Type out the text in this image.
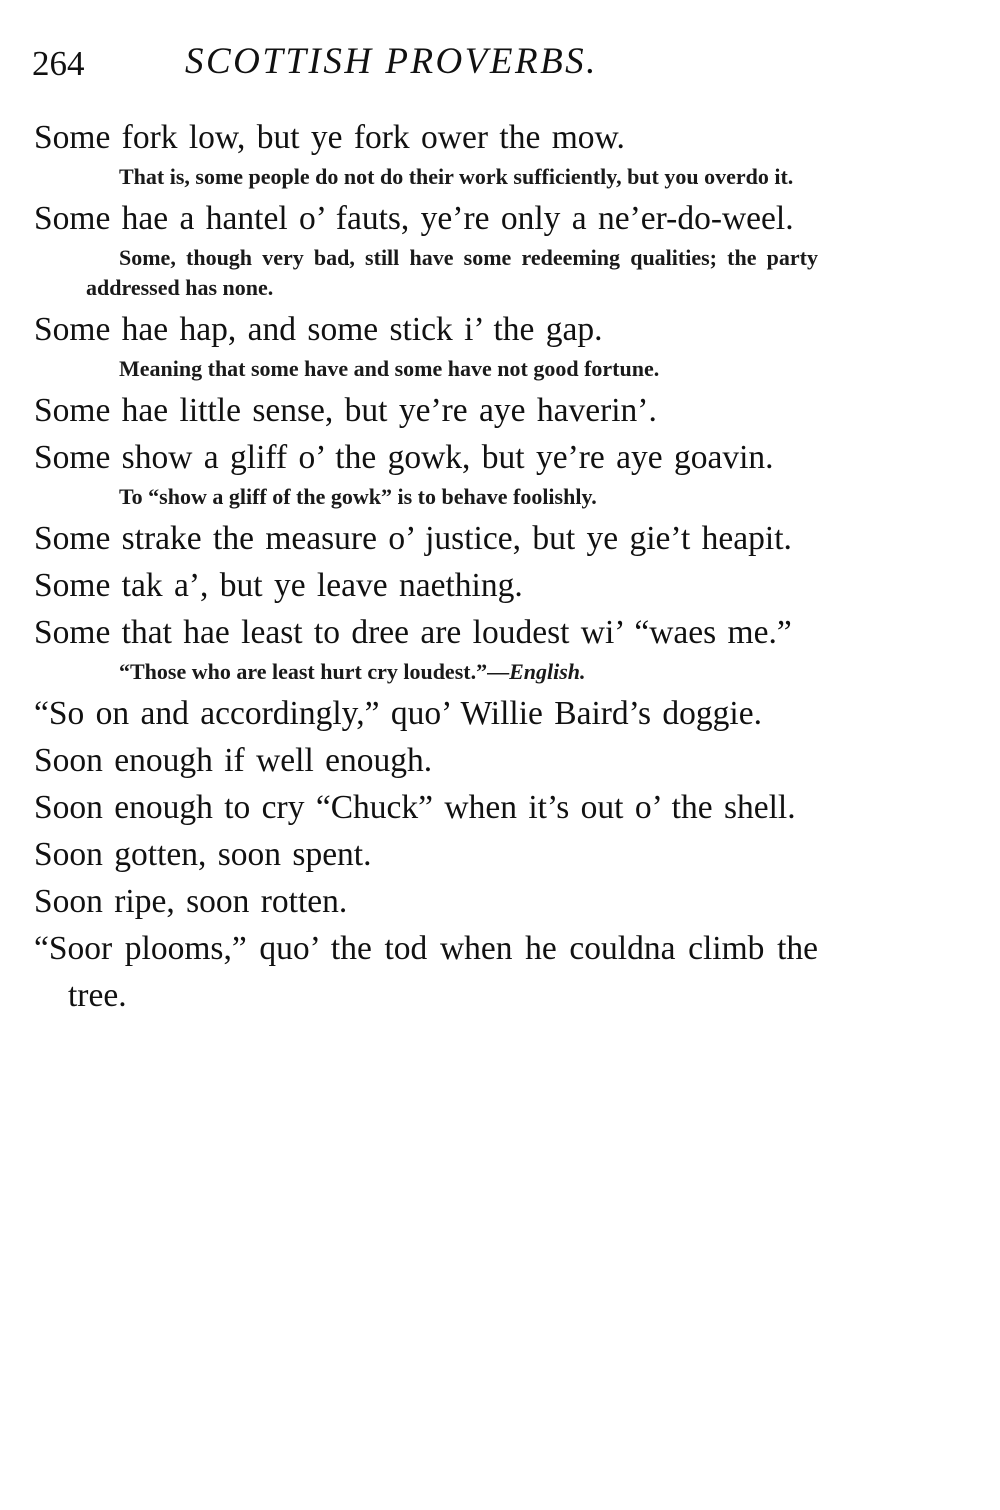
264	SCOTTISH PROVERBS.
Some fork low, but ye fork ower the mow.
That is, some people do not do their work sufficiently, but you overdo it.
Some hae a hantel o’ fauts, ye’re only a ne’er-do-weel.
Some, though very bad, still have some redeeming qualities; the party addressed has none.
Some hae hap, and some stick i’ the gap.
Meaning that some have and some have not good fortune.
Some hae little sense, but ye’re aye haverin’.
Some show a gliff o’ the gowk, but ye’re aye goavin.
To “show a gliff of the gowk” is to behave foolishly.
Some strake the measure o’ justice, but ye gie’t heapit.
Some tak a’, but ye leave naething.
Some that hae least to dree are loudest wi’ “waes me.”
“Those who are least hurt cry loudest.”—English.
“So on and accordingly,” quo’ Willie Baird’s doggie.
Soon enough if well enough.
Soon enough to cry “Chuck” when it’s out o’ the shell.
Soon gotten, soon spent.
Soon ripe, soon rotten.
“Soor plooms,” quo’ the tod when he couldna climb the tree.
